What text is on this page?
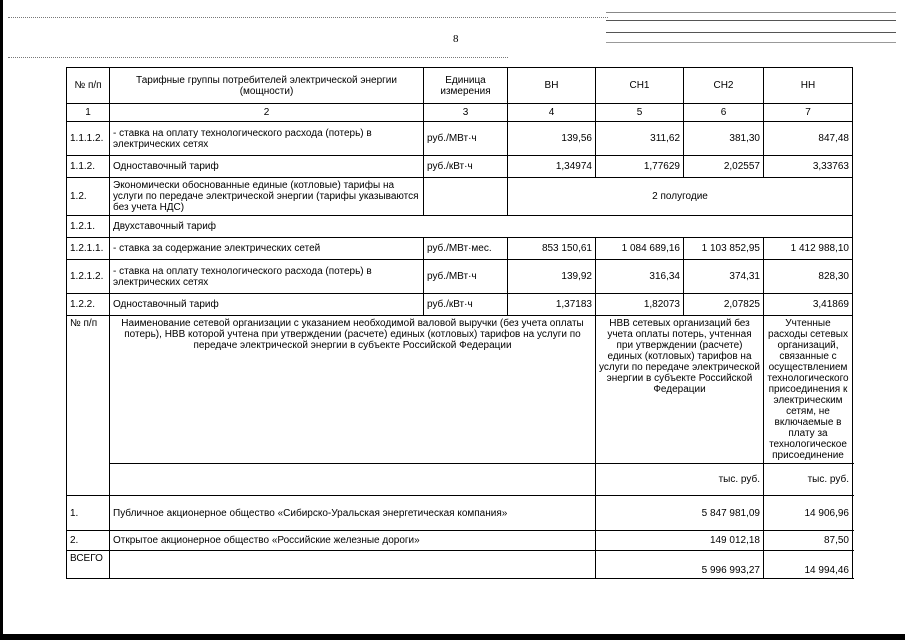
8
№ п/п	Тарифные группы потребителей электрической энергии (мощности)	Единица измерения	ВН	СН1	СН2	НН
1	2	3	4	5	6	7
1.1.1.2.	- ставка на оплату технологического расхода (потерь) в электрических сетях	руб./МВт·ч	139,56	311,62	381,30	847,48
1.1.2.	Одноставочный тариф	руб./кВт·ч	1,34974	1,77629	2,02557	3,33763
1.2.	Экономически обоснованные единые (котловые) тарифы на услуги по передаче электрической энергии (тарифы указываются без учета НДС)		2 полугодие			
1.2.1.	Двухставочный тариф					
1.2.1.1.	- ставка за содержание электрических сетей	руб./МВт·мес.	853 150,61	1 084 689,16	1 103 852,95	1 412 988,10
1.2.1.2.	- ставка на оплату технологического расхода (потерь) в электрических сетях	руб./МВт·ч	139,92	316,34	374,31	828,30
1.2.2.	Одноставочный тариф	руб./кВт·ч	1,37183	1,82073	2,07825	3,41869
№ п/п	Наименование сетевой организации с указанием необходимой валовой выручки (без учета оплаты потерь), НВВ которой учтена при утверждении (расчете) единых (котловых) тарифов на услуги по передаче электрической энергии в субъекте Российской Федерации			НВВ сетевых организаций без учета оплаты потерь, учтенная при утверждении (расчете) единых (котловых) тарифов на услуги по передаче электрической энергии в субъекте Российской Федерации		Учтенные расходы сетевых организаций, связанные с осуществлением технологического присоединения к электрическим сетям, не включаемые в плату за технологическое присоединение
				тыс. руб.		тыс. руб.
1.	Публичное акционерное общество «Сибирско-Уральская энергетическая компания»			5 847 981,09		14 906,96
2.	Открытое акционерное общество «Российские железные дороги»			149 012,18		87,50
ВСЕГО				5 996 993,27		14 994,46
